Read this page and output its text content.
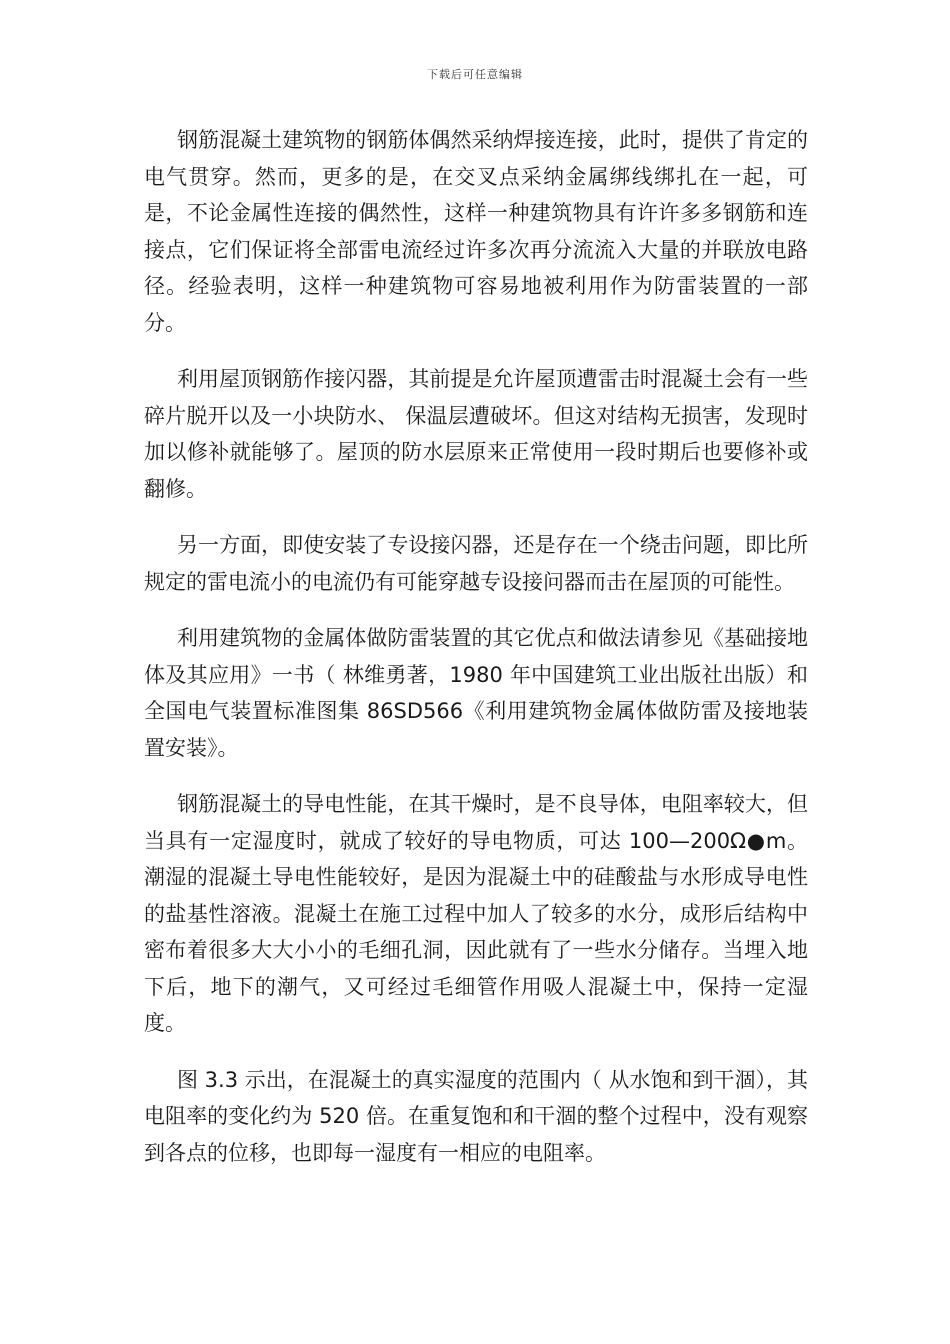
下载后可任意编辑

钢筋混凝土建筑物的钢筋体偶然采纳焊接连接，此时，提供了肯定的电气贯穿。然而，更多的是，在交叉点采纳金属绑线绑扎在一起，可是，不论金属性连接的偶然性，这样一种建筑物具有许许多多钢筋和连接点，它们保证将全部雷电流经过许多次再分流流入大量的并联放电路径。经验表明，这样一种建筑物可容易地被利用作为防雷装置的一部分。

利用屋顶钢筋作接闪器，其前提是允许屋顶遭雷击时混凝土会有一些碎片脱开以及一小块防水、 保温层遭破坏。但这对结构无损害，发现时加以修补就能够了。屋顶的防水层原来正常使用一段时期后也要修补或翻修。

另一方面，即使安装了专设接闪器，还是存在一个绕击问题，即比所规定的雷电流小的电流仍有可能穿越专设接问器而击在屋顶的可能性。

利用建筑物的金属体做防雷装置的其它优点和做法请参见《基础接地体及其应用》一书（ 林维勇著，1980 年中国建筑工业出版社出版）和全国电气装置标准图集 86SD566《利用建筑物金属体做防雷及接地装置安装》。

钢筋混凝土的导电性能，在其干燥时，是不良导体，电阻率较大，但当具有一定湿度时，就成了较好的导电物质，可达 100—200Ω●m。潮湿的混凝土导电性能较好，是因为混凝土中的硅酸盐与水形成导电性的盐基性溶液。混凝土在施工过程中加人了较多的水分，成形后结构中密布着很多大大小小的毛细孔洞，因此就有了一些水分储存。当埋入地下后，地下的潮气，又可经过毛细管作用吸人混凝土中，保持一定湿度。

图 3.3 示出，在混凝土的真实湿度的范围内（ 从水饱和到干涸），其电阻率的变化约为 520 倍。在重复饱和和干涸的整个过程中，没有观察到各点的位移，也即每一湿度有一相应的电阻率。
